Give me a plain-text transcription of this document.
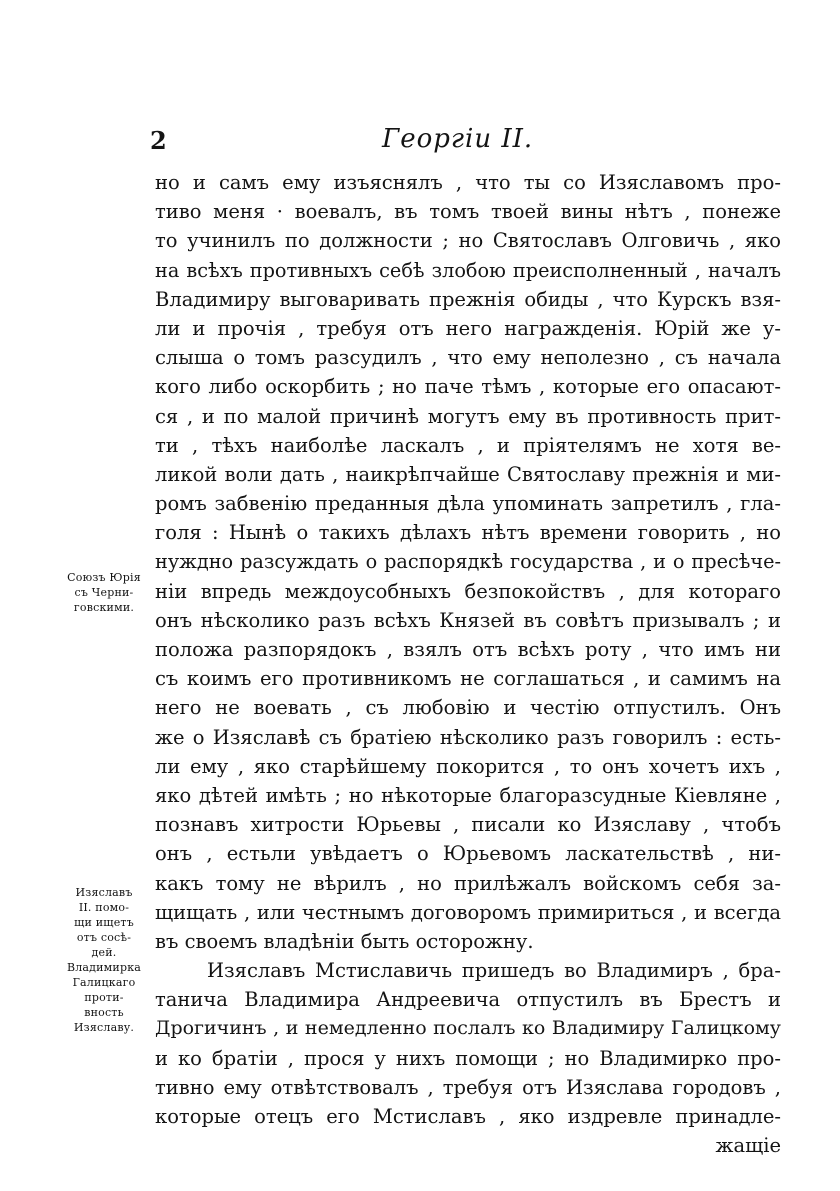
2	Георгiи II.
но и самъ ему изъяснялъ , что ты со Изяславомъ про-
тиво меня · воевалъ, въ томъ твоей вины нѣтъ , понеже
то учинилъ по должности ; но Святославъ Олговичь , яко
на всѣхъ противныхъ себѣ злобою преисполненный , началъ
Владимиру выговаривать прежнiя обиды , что Курскъ взя-
ли и прочiя , требуя отъ него награжденiя. Юрiй же у-
слыша о томъ разсудилъ , что ему неполезно , съ начала
кого либо оскорбить ; но паче тѣмъ , которые его опасают-
ся , и по малой причинѣ могутъ ему въ противность прит-
ти , тѣхъ наиболѣе ласкалъ , и прiятелямъ не хотя ве-
ликой воли дать , наикрѣпчайше Святославу прежнiя и ми-
ромъ забвенiю преданныя дѣла упоминать запретилъ , гла-
голя : Нынѣ о такихъ дѣлахъ нѣтъ времени говорить , но
нуждно разсуждать о распорядкѣ государства , и о пресѣче-
нiи впредь междоусобныхъ безпокойствъ , для котораго
онъ нѣсколико разъ всѣхъ Князей въ совѣтъ призывалъ ; и
положа разпорядокъ , взялъ отъ всѣхъ роту , что имъ ни
съ коимъ его противникомъ не соглашаться , и самимъ на
него не воевать , съ любовiю и честiю отпустилъ. Онъ
же о Изяславѣ съ братiею нѣсколико разъ говорилъ : есть-
ли ему , яко старѣйшему покорится , то онъ хочетъ ихъ ,
яко дѣтей имѣть ; но нѣкоторые благоразсудные Кiевляне ,
познавъ хитрости Юрьевы , писали ко Изяславу , чтобъ
онъ , естьли увѣдаетъ о Юрьевомъ ласкательствѣ , ни-
какъ тому не вѣрилъ , но прилѣжалъ войскомъ себя за-
щищать , или честнымъ договоромъ примириться , и всегда
въ своемъ владѣнiи быть осторожну.
Изяславъ Мстиславичь пришедъ во Владимиръ , бра-
танича Владимира Андреевича отпустилъ въ Брестъ и
Дрогичинъ , и немедленно послалъ ко Владимиру Галицкому
и ко братiи , прося у нихъ помощи ; но Владимирко про-
тивно ему отвѣтствовалъ , требуя отъ Изяслава городовъ ,
которые отецъ его Мстиславъ , яко издревле принадле-
жащiе
Союзъ Юрiя
съ Черни-
говскими.
Изяславъ
II. помо-
щи ищетъ
отъ сосѣ-
дей.
Владимирка
Галицкаго
проти-
вность
Изяславу.
